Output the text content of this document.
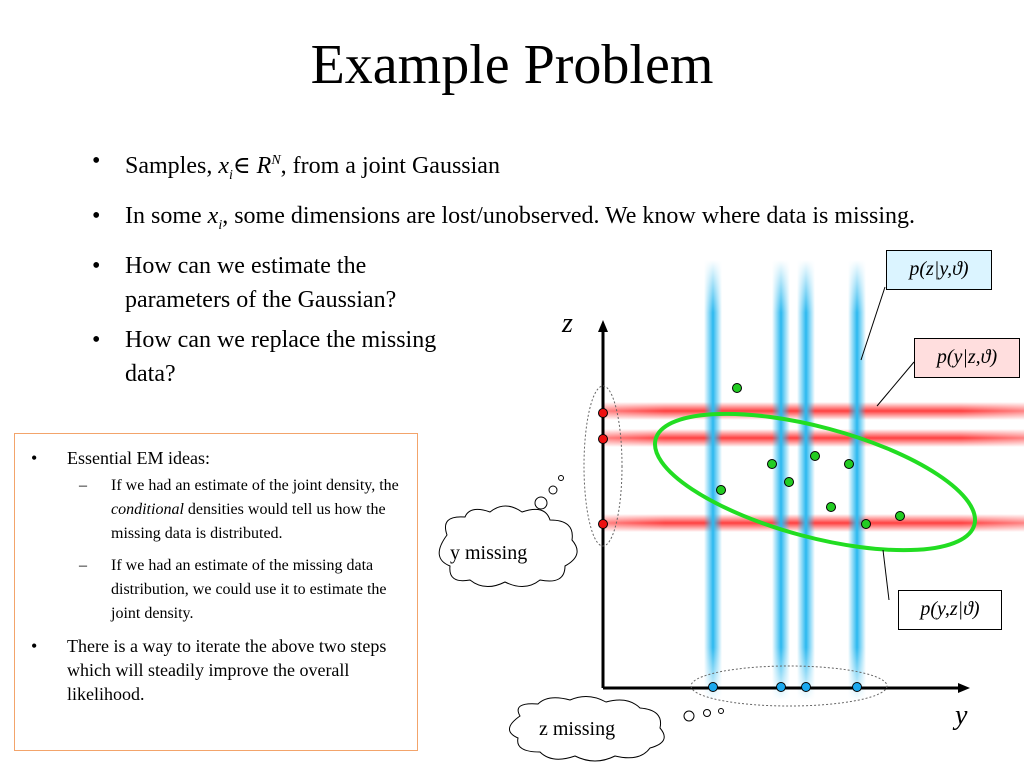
Example Problem
• Samples, $x_i\in$ $R^N$, from a joint Gaussian
• In some $x_i$, some dimensions are lost/unobserved. We know where data is missing.
• How can we estimate the parameters of the Gaussian?
• How can we replace the missing data?
• Essential EM ideas:
– If we had an estimate of the joint density, the conditional densities would tell us how the missing data is distributed.
– If we had an estimate of the missing data distribution, we could use it to estimate the joint density.
• There is a way to iterate the above two steps which will steadily improve the overall likelihood.
p(z|y,ϑ)
p(y|z,ϑ)
p(y,z|ϑ)
z
y
y missing
z missing
